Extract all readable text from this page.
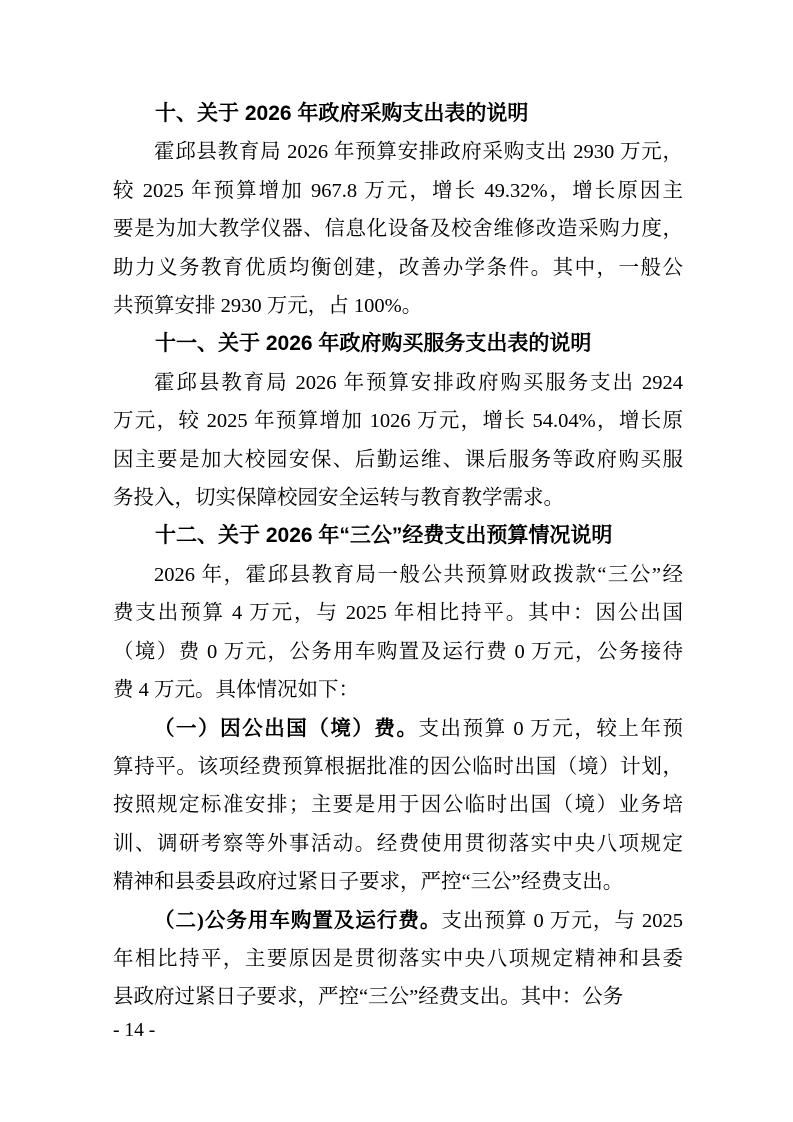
十、关于 2026 年政府采购支出表的说明
霍邱县教育局 2026 年预算安排政府采购支出 2930 万元，
较 2025 年预算增加 967.8 万元，增长 49.32%，增长原因主
要是为加大教学仪器、信息化设备及校舍维修改造采购力度，
助力义务教育优质均衡创建，改善办学条件。其中，一般公
共预算安排 2930 万元，占 100%。
十一、关于 2026 年政府购买服务支出表的说明
霍邱县教育局 2026 年预算安排政府购买服务支出 2924
万元，较 2025 年预算增加 1026 万元，增长 54.04%，增长原
因主要是加大校园安保、后勤运维、课后服务等政府购买服
务投入，切实保障校园安全运转与教育教学需求。
十二、关于 2026 年“三公”经费支出预算情况说明
2026 年，霍邱县教育局一般公共预算财政拨款“三公”经
费支出预算 4 万元，与 2025 年相比持平。其中：因公出国
（境）费 0 万元，公务用车购置及运行费 0 万元，公务接待
费 4 万元。具体情况如下：
（一）因公出国（境）费。支出预算 0 万元，较上年预
算持平。该项经费预算根据批准的因公临时出国（境）计划，
按照规定标准安排；主要是用于因公临时出国（境）业务培
训、调研考察等外事活动。经费使用贯彻落实中央八项规定
精神和县委县政府过紧日子要求，严控“三公”经费支出。
（二)公务用车购置及运行费。支出预算 0 万元，与 2025
年相比持平，主要原因是贯彻落实中央八项规定精神和县委
县政府过紧日子要求，严控“三公”经费支出。其中：公务
- 14 -
